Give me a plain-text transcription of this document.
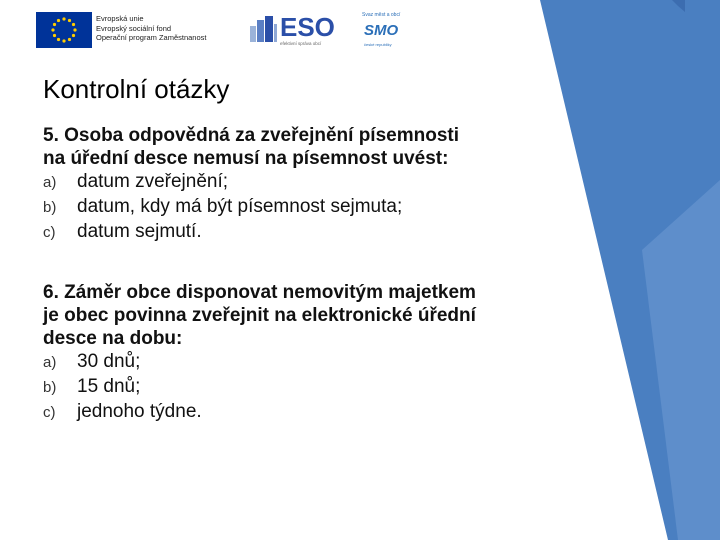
Evropská unie
Evropský sociální fond
Operační program Zaměstnanost	ESO
efektivní správa obcí
Svaz měst a obcí
SMO
české republiky
Kontrolní otázky

5. Osoba odpovědná za zveřejnění písemnosti
na úřední desce nemusí na písemnost uvést:

a) datum zveřejnění;
b) datum, kdy má být písemnost sejmuta;
c) datum sejmutí.

6. Záměr obce disponovat nemovitým majetkem
je obec povinna zveřejnit na elektronické úřední
desce na dobu:

a) 30 dnů;
b) 15 dnů;
c) jednoho týdne.
